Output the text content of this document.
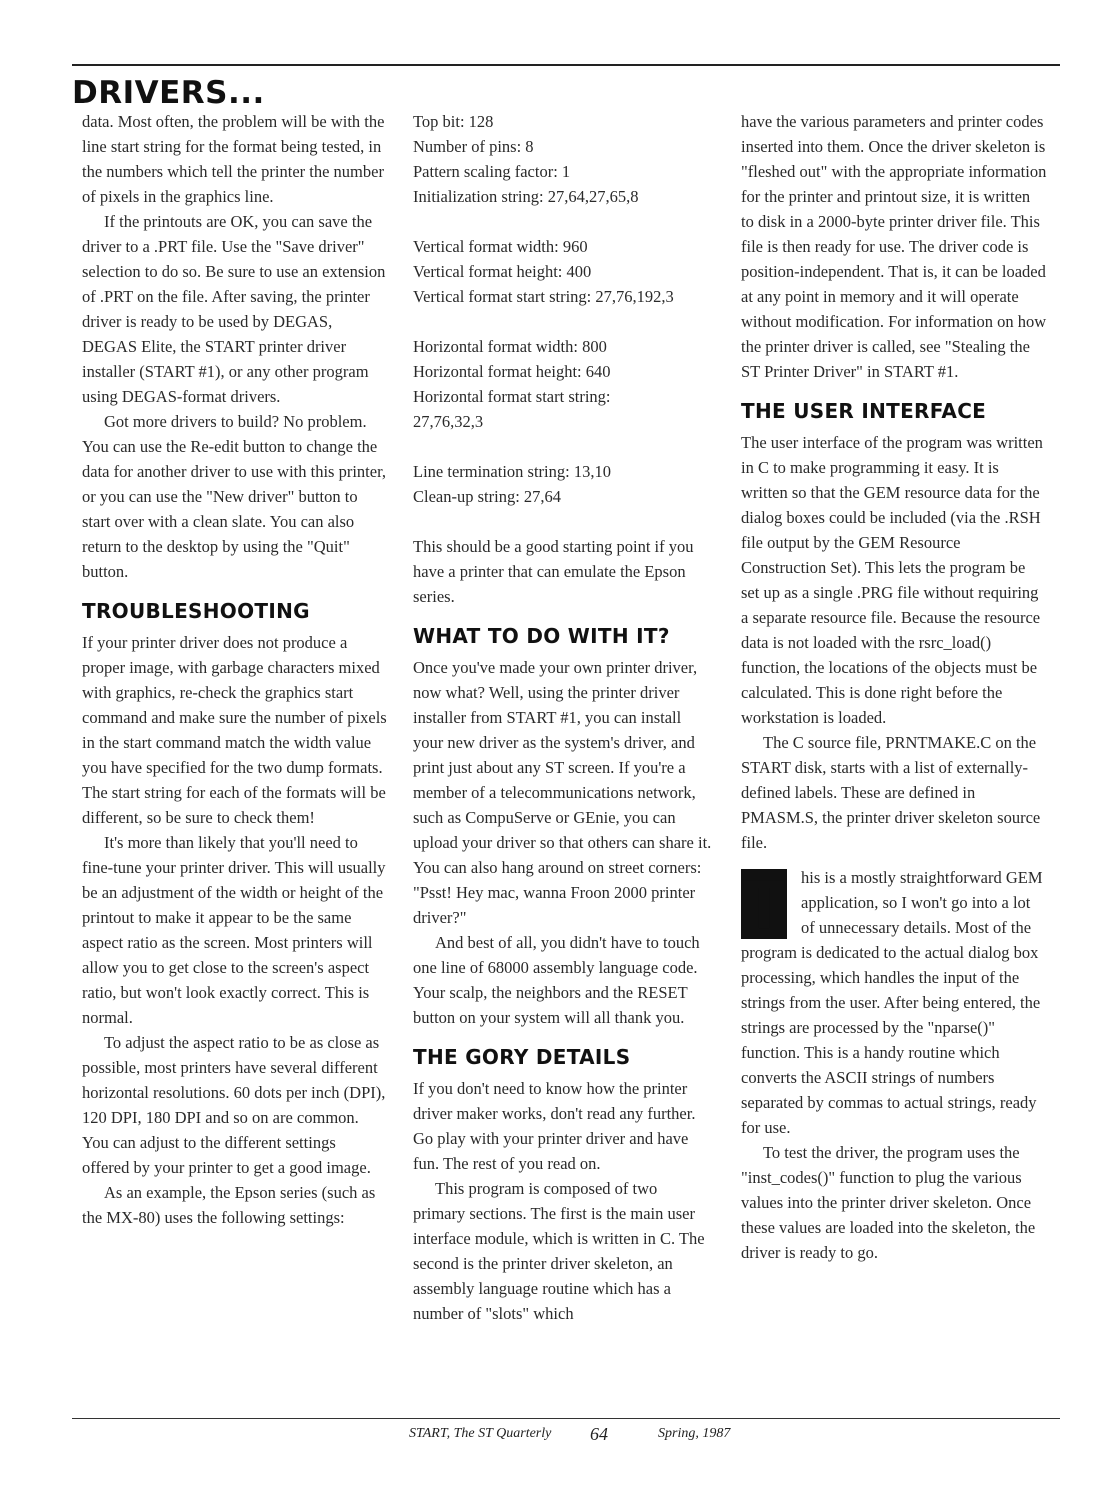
DRIVERS...

data. Most often, the problem will be with the line start string for the format being tested, in the numbers which tell the printer the number of pixels in the graphics line.

If the printouts are OK, you can save the driver to a .PRT file. Use the "Save driver" selection to do so. Be sure to use an extension of .PRT on the file. After saving, the printer driver is ready to be used by DEGAS, DEGAS Elite, the START printer driver installer (START #1), or any other program using DEGAS-format drivers.

Got more drivers to build? No problem. You can use the Re-edit button to change the data for another driver to use with this printer, or you can use the "New driver" button to start over with a clean slate. You can also return to the desktop by using the "Quit" button.

TROUBLESHOOTING

If your printer driver does not produce a proper image, with garbage characters mixed with graphics, re-check the graphics start command and make sure the number of pixels in the start command match the width value you have specified for the two dump formats. The start string for each of the formats will be different, so be sure to check them!

It's more than likely that you'll need to fine-tune your printer driver. This will usually be an adjustment of the width or height of the printout to make it appear to be the same aspect ratio as the screen. Most printers will allow you to get close to the screen's aspect ratio, but won't look exactly correct. This is normal.

To adjust the aspect ratio to be as close as possible, most printers have several different horizontal resolutions. 60 dots per inch (DPI), 120 DPI, 180 DPI and so on are common. You can adjust to the different settings offered by your printer to get a good image.

As an example, the Epson series (such as the MX-80) uses the following settings:

Top bit: 128

Number of pins: 8

Pattern scaling factor: 1

Initialization string: 27,64,27,65,8

Vertical format width: 960

Vertical format height: 400

Vertical format start string: 27,76,192,3

Horizontal format width: 800

Horizontal format height: 640

Horizontal format start string:

27,76,32,3

Line termination string: 13,10

Clean-up string: 27,64

This should be a good starting point if you have a printer that can emulate the Epson series.

WHAT TO DO WITH IT?

Once you've made your own printer driver, now what? Well, using the printer driver installer from START #1, you can install your new driver as the system's driver, and print just about any ST screen. If you're a member of a telecommunications network, such as CompuServe or GEnie, you can upload your driver so that others can share it. You can also hang around on street corners: "Psst! Hey mac, wanna Froon 2000 printer driver?"

And best of all, you didn't have to touch one line of 68000 assembly language code. Your scalp, the neighbors and the RESET button on your system will all thank you.

THE GORY DETAILS

If you don't need to know how the printer driver maker works, don't read any further. Go play with your printer driver and have fun. The rest of you read on.

This program is composed of two primary sections. The first is the main user interface module, which is written in C. The second is the printer driver skeleton, an assembly language routine which has a number of "slots" which

have the various parameters and printer codes inserted into them. Once the driver skeleton is "fleshed out" with the appropriate information for the printer and printout size, it is written to disk in a 2000-byte printer driver file. This file is then ready for use. The driver code is position-independent. That is, it can be loaded at any point in memory and it will operate without modification. For information on how the printer driver is called, see "Stealing the ST Printer Driver" in START #1.

THE USER INTERFACE

The user interface of the program was written in C to make programming it easy. It is written so that the GEM resource data for the dialog boxes could be included (via the .RSH file output by the GEM Resource Construction Set). This lets the program be set up as a single .PRG file without requiring a separate resource file. Because the resource data is not loaded with the rsrc_load() function, the locations of the objects must be calculated. This is done right before the workstation is loaded.

The C source file, PRNTMAKE.C on the START disk, starts with a list of externally-defined labels. These are defined in PMASM.S, the printer driver skeleton source file.

T his is a mostly straightforward GEM application, so I won't go into a lot of unnecessary details. Most of the program is dedicated to the actual dialog box processing, which handles the input of the strings from the user. After being entered, the strings are processed by the "nparse()" function. This is a handy routine which converts the ASCII strings of numbers separated by commas to actual strings, ready for use.

To test the driver, the program uses the "inst_codes()" function to plug the various values into the printer driver skeleton. Once these values are loaded into the skeleton, the driver is ready to go.

START, The ST Quarterly 64	Spring, 1987
